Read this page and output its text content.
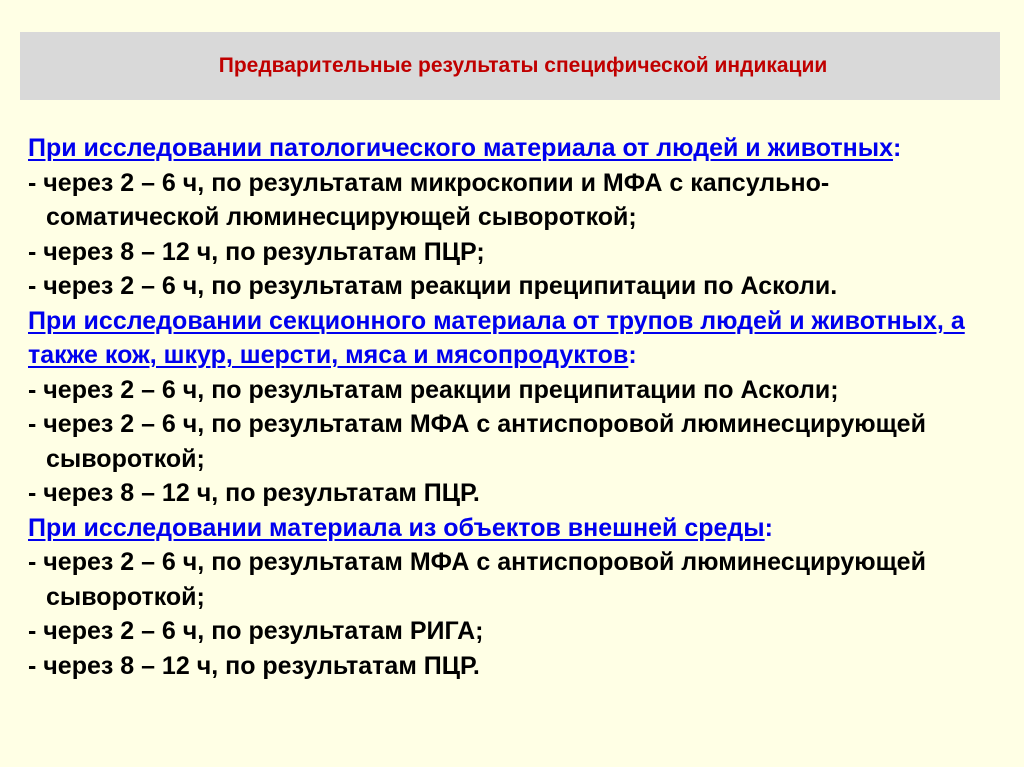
Предварительные результаты специфической индикации
При исследовании патологического материала от людей и животных:
- через 2 – 6 ч, по результатам микроскопии и МФА с капсульно-соматической люминесцирующей сывороткой;
- через 8 – 12 ч, по результатам ПЦР;
- через 2 – 6 ч, по результатам реакции преципитации по Асколи.
При исследовании секционного материала от трупов людей и животных, а также кож, шкур, шерсти, мяса и мясопродуктов:
- через 2 – 6 ч, по результатам реакции преципитации по Асколи;
- через 2 – 6 ч, по результатам МФА с антиспоровой люминесцирующей сывороткой;
- через 8 – 12 ч, по результатам ПЦР.
При исследовании материала из объектов внешней среды:
- через 2 – 6 ч, по результатам МФА с антиспоровой люминесцирующей сывороткой;
- через 2 – 6 ч, по результатам РИГА;
- через 8 – 12 ч, по результатам ПЦР.
